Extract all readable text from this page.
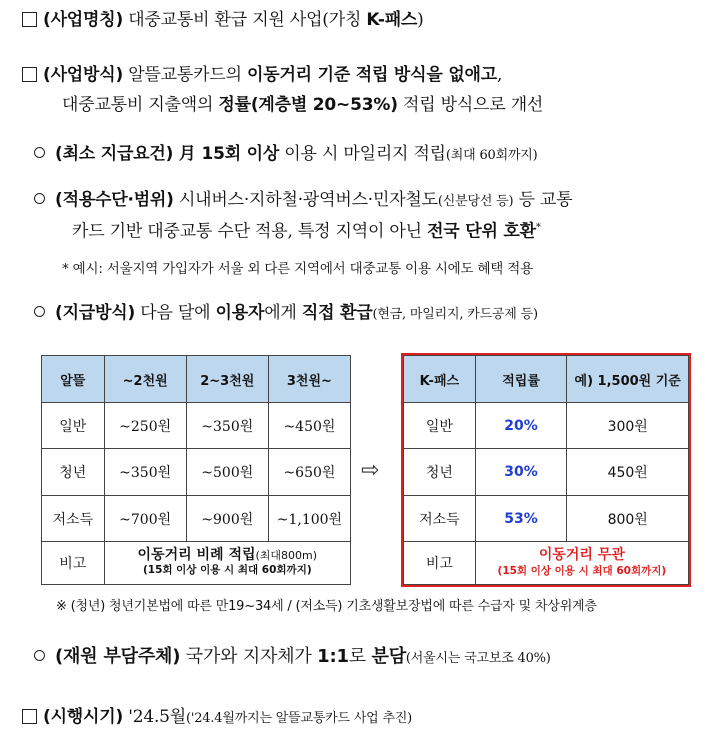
(사업명칭) 대중교통비 환급 지원 사업(가칭 K-패스)
(사업방식) 알뜰교통카드의 이동거리 기준 적립 방식을 없애고,
대중교통비 지출액의 정률(계층별 20~53%) 적립 방식으로 개선
(최소 지급요건) 月 15회 이상 이용 시 마일리지 적립(최대 60회까지)
(적용수단·범위) 시내버스·지하철·광역버스·민자철도(신분당선 등) 등 교통
카드 기반 대중교통 수단 적용, 특정 지역이 아닌 전국 단위 호환*
* 예시: 서울지역 가입자가 서울 외 다른 지역에서 대중교통 이용 시에도 혜택 적용
(지급방식) 다음 달에 이용자에게 직접 환급(현금, 마일리지, 카드공제 등)
알뜰	~2천원	2~3천원	3천원~
일반	~250원	~350원	~450원
청년	~350원	~500원	~650원
저소득	~700원	~900원	~1,100원
비고	이동거리 비례 적립(최대800m)
(15회 이상 이용 시 최대 60회까지)		
⇨
K-패스	적립률	예) 1,500원 기준
일반	20%	300원
청년	30%	450원
저소득	53%	800원
비고	이동거리 무관
(15회 이상 이용 시 최대 60회까지)	
※ (청년) 청년기본법에 따른 만19~34세 / (저소득) 기초생활보장법에 따른 수급자 및 차상위계층
(재원 부담주체) 국가와 지자체가 1:1로 분담(서울시는 국고보조 40%)
(시행시기) '24.5월('24.4월까지는 알뜰교통카드 사업 추진)
